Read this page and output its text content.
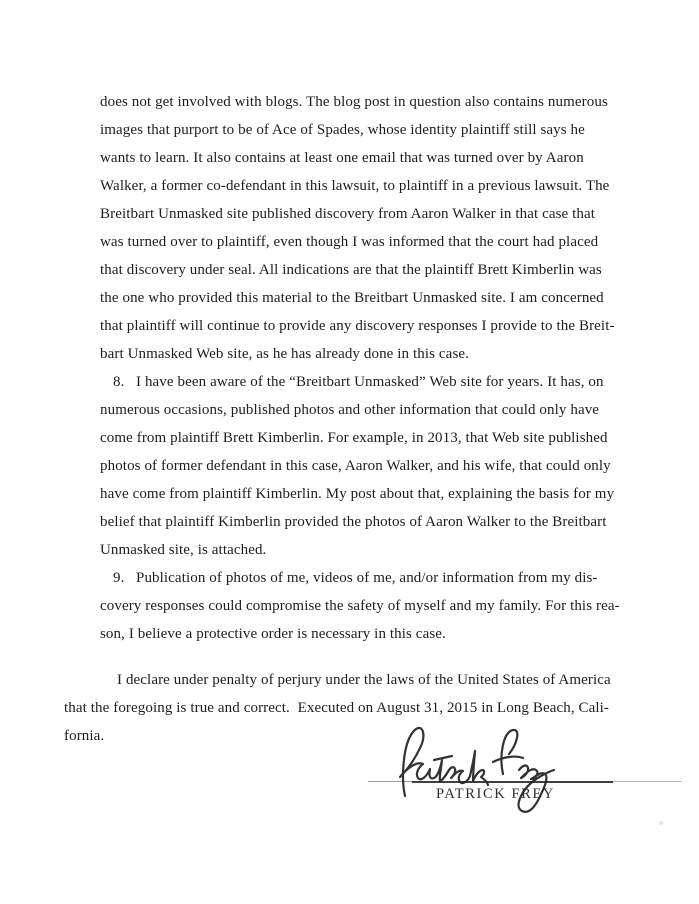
does not get involved with blogs. The blog post in question also contains numerous
images that purport to be of Ace of Spades, whose identity plaintiff still says he
wants to learn. It also contains at least one email that was turned over by Aaron
Walker, a former co-defendant in this lawsuit, to plaintiff in a previous lawsuit. The
Breitbart Unmasked site published discovery from Aaron Walker in that case that
was turned over to plaintiff, even though I was informed that the court had placed
that discovery under seal. All indications are that the plaintiff Brett Kimberlin was
the one who provided this material to the Breitbart Unmasked site. I am concerned
that plaintiff will continue to provide any discovery responses I provide to the Breit-
bart Unmasked Web site, as he has already done in this case.
8.   I have been aware of the “Breitbart Unmasked” Web site for years. It has, on
numerous occasions, published photos and other information that could only have
come from plaintiff Brett Kimberlin. For example, in 2013, that Web site published
photos of former defendant in this case, Aaron Walker, and his wife, that could only
have come from plaintiff Kimberlin. My post about that, explaining the basis for my
belief that plaintiff Kimberlin provided the photos of Aaron Walker to the Breitbart
Unmasked site, is attached.
9.   Publication of photos of me, videos of me, and/or information from my dis-
covery responses could compromise the safety of myself and my family. For this rea-
son, I believe a protective order is necessary in this case.
I declare under penalty of perjury under the laws of the United States of America
that the foregoing is true and correct.  Executed on August 31, 2015 in Long Beach, Cali-
fornia.
PATRICK FREY
